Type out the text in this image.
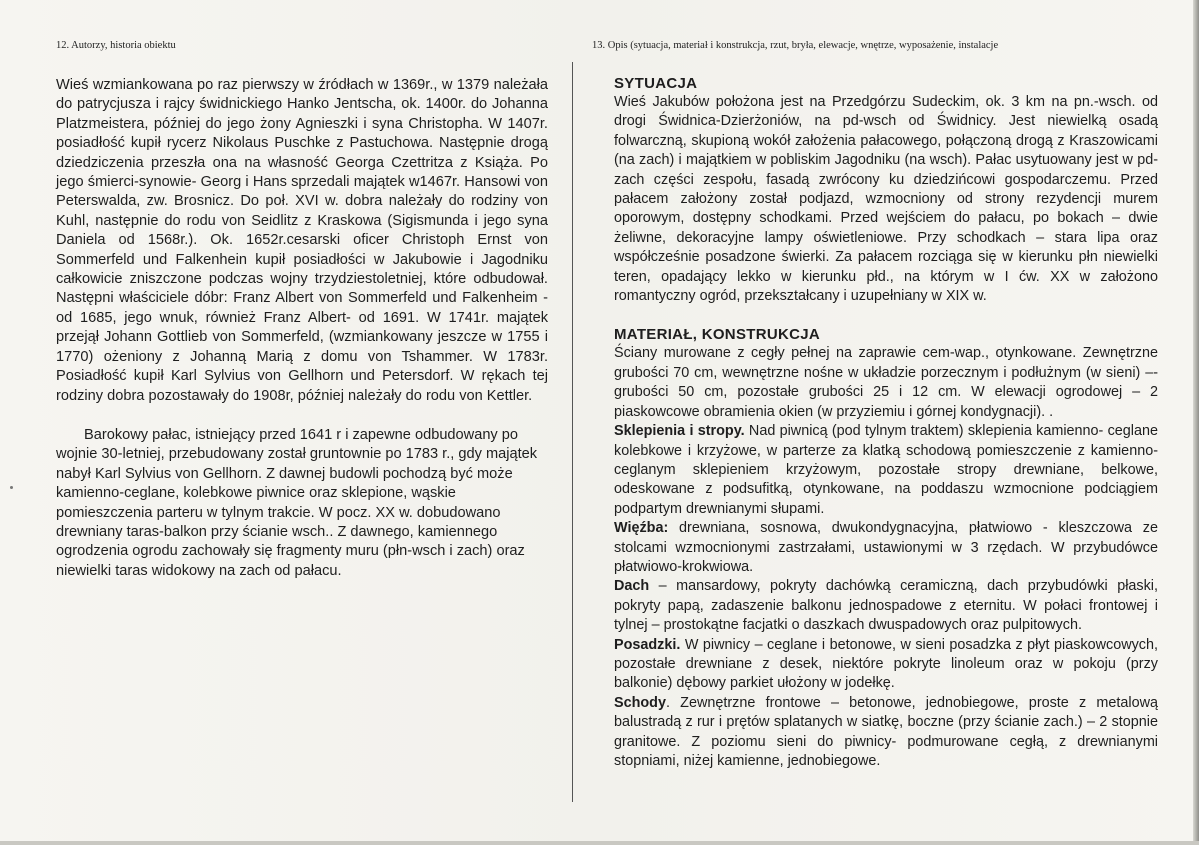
12. Autorzy, historia obiektu	13. Opis (sytuacja, materiał i konstrukcja, rzut, bryła, elewacje, wnętrze, wyposażenie, instalacje

Wieś wzmiankowana po raz pierwszy w źródłach w 1369r., w 1379 należała do patrycjusza i rajcy świdnickiego Hanko Jentscha, ok. 1400r. do Johanna Platzmeistera, później do jego żony Agnieszki i syna Christopha. W 1407r. posiadłość kupił rycerz Nikolaus Puschke z Pastuchowa. Następnie drogą dziedziczenia przeszła ona na własność Georga Czettritza z Książa. Po jego śmierci-synowie- Georg i Hans sprzedali majątek w1467r. Hansowi von Peterswalda, zw. Brosnicz. Do poł. XVI w. dobra należały do rodziny von Kuhl, następnie do rodu von Seidlitz z Kraskowa (Sigismunda i jego syna Daniela od 1568r.). Ok. 1652r.cesarski oficer Christoph Ernst von Sommerfeld und Falkenhein kupił posiadłości w Jakubowie i Jagodniku całkowicie zniszczone podczas wojny trzydziestoletniej, które odbudował. Następni właściciele dóbr: Franz Albert von Sommerfeld und Falkenheim - od 1685, jego wnuk, również Franz Albert- od 1691. W 1741r. majątek przejął Johann Gottlieb von Sommerfeld, (wzmiankowany jeszcze w 1755 i 1770) ożeniony z Johanną Marią z domu von Tshammer. W 1783r. Posiadłość kupił Karl Sylvius von Gellhorn und Petersdorf. W rękach tej rodziny dobra pozostawały do 1908r, później należały do rodu von Kettler.

Barokowy pałac, istniejący przed 1641 r i zapewne odbudowany po wojnie 30-letniej, przebudowany został gruntownie po 1783 r., gdy majątek nabył Karl Sylvius von Gellhorn. Z dawnej budowli pochodzą być może kamienno-ceglane, kolebkowe piwnice oraz sklepione, wąskie pomieszczenia parteru w tylnym trakcie. W pocz. XX w. dobudowano drewniany taras-balkon przy ścianie wsch.. Z dawnego, kamiennego ogrodzenia ogrodu zachowały się fragmenty muru (płn-wsch i zach) oraz niewielki taras widokowy na zach od pałacu.

SYTUACJA

Wieś Jakubów położona jest na Przedgórzu Sudeckim, ok. 3 km na pn.-wsch. od drogi Świdnica-Dzierżoniów, na pd-wsch od Świdnicy. Jest niewielką osadą folwarczną, skupioną wokół założenia pałacowego, połączoną drogą z Kraszowicami (na zach) i majątkiem w pobliskim Jagodniku (na wsch). Pałac usytuowany jest w pd-zach części zespołu, fasadą zwrócony ku dziedzińcowi gospodarczemu. Przed pałacem założony został podjazd, wzmocniony od strony rezydencji murem oporowym, dostępny schodkami. Przed wejściem do pałacu, po bokach – dwie żeliwne, dekoracyjne lampy oświetleniowe. Przy schodkach – stara lipa oraz współcześnie posadzone świerki. Za pałacem rozciąga się w kierunku płn niewielki teren, opadający lekko w kierunku płd., na którym w I ćw. XX w założono romantyczny ogród, przekształcany i uzupełniany w XIX w.

MATERIAŁ, KONSTRUKCJA

Ściany murowane z cegły pełnej na zaprawie cem-wap., otynkowane. Zewnętrzne grubości 70 cm, wewnętrzne nośne w układzie porzecznym i podłużnym (w sieni) –-grubości 50 cm, pozostałe grubości 25 i 12 cm. W elewacji ogrodowej – 2 piaskowcowe obramienia okien (w przyziemiu i górnej kondygnacji). .

Sklepienia i stropy. Nad piwnicą (pod tylnym traktem) sklepienia kamienno- ceglane kolebkowe i krzyżowe, w parterze za klatką schodową pomieszczenie z kamienno-ceglanym sklepieniem krzyżowym, pozostałe stropy drewniane, belkowe, odeskowane z podsufitką, otynkowane, na poddaszu wzmocnione podciągiem podpartym drewnianymi słupami.

Więźba: drewniana, sosnowa, dwukondygnacyjna, płatwiowo - kleszczowa ze stolcami wzmocnionymi zastrzałami, ustawionymi w 3 rzędach. W przybudówce płatwiowo-krokwiowa.

Dach – mansardowy, pokryty dachówką ceramiczną, dach przybudówki płaski, pokryty papą, zadaszenie balkonu jednospadowe z eternitu. W połaci frontowej i tylnej – prostokątne facjatki o daszkach dwuspadowych oraz pulpitowych.

Posadzki. W piwnicy – ceglane i betonowe, w sieni posadzka z płyt piaskowcowych, pozostałe drewniane z desek, niektóre pokryte linoleum oraz w pokoju (przy balkonie) dębowy parkiet ułożony w jodełkę.

Schody. Zewnętrzne frontowe – betonowe, jednobiegowe, proste z metalową balustradą z rur i prętów splatanych w siatkę, boczne (przy ścianie zach.) – 2 stopnie granitowe. Z poziomu sieni do piwnicy- podmurowane cegłą, z drewnianymi stopniami, niżej kamienne, jednobiegowe.
